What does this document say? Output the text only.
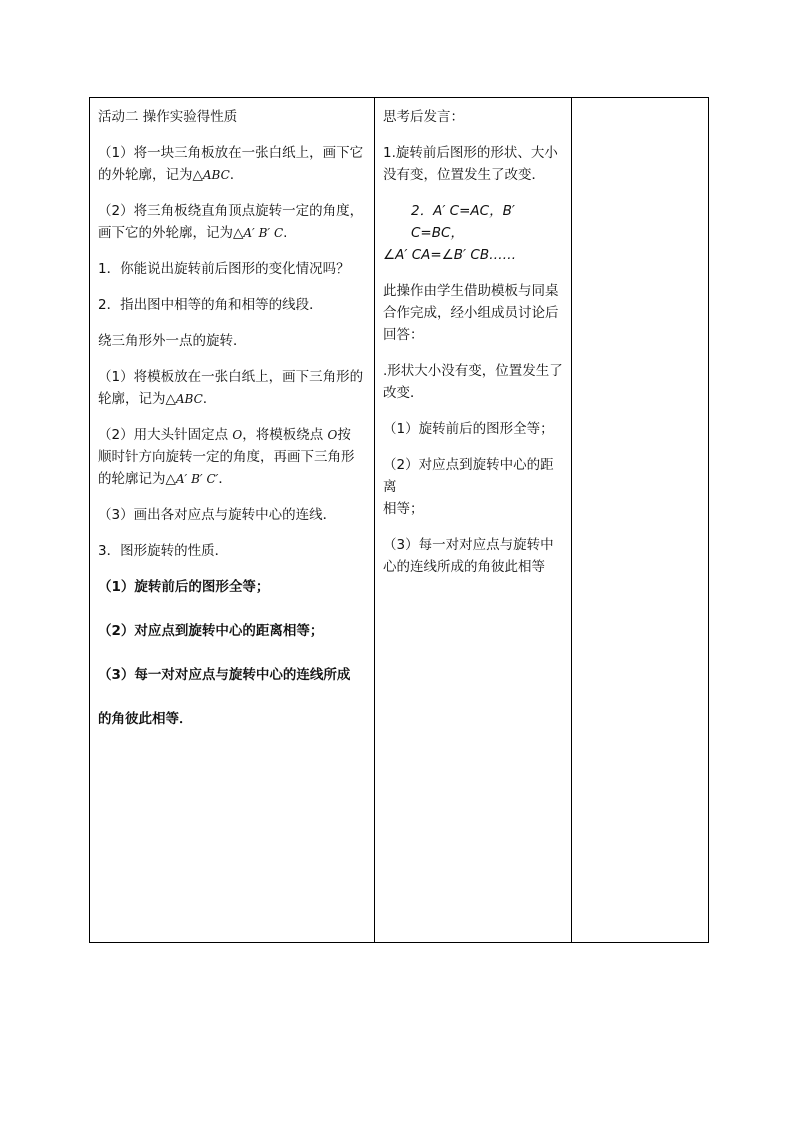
活动二 操作实验得性质

（1）将一块三角板放在一张白纸上，画下它

的外轮廓，记为△ABC.

（2）将三角板绕直角顶点旋转一定的角度，

画下它的外轮廓，记为△A′ B′ C.

1．你能说出旋转前后图形的变化情况吗？

2．指出图中相等的角和相等的线段．

绕三角形外一点的旋转．

（1）将模板放在一张白纸上，画下三角形的

轮廓，记为△ABC.

（2）用大头针固定点 O，将模板绕点 O按

顺时针方向旋转一定的角度，再画下三角形

的轮廓记为△A′ B′ C′．

（3）画出各对应点与旋转中心的连线．

3．图形旋转的性质．

（1）旋转前后的图形全等；

（2）对应点到旋转中心的距离相等；

（3）每一对对应点与旋转中心的连线所成

的角彼此相等．

思考后发言：

1.旋转前后图形的形状、大小

没有变，位置发生了改变．

2．A′ C=AC，B′ C=BC，

∠A′ CA=∠B′ CB……

此操作由学生借助模板与同桌

合作完成，经小组成员讨论后

回答：

.形状大小没有变，位置发生了

改变．

（1）旋转前后的图形全等；

（2）对应点到旋转中心的距离

相等；

（3）每一对对应点与旋转中

心的连线所成的角彼此相等
